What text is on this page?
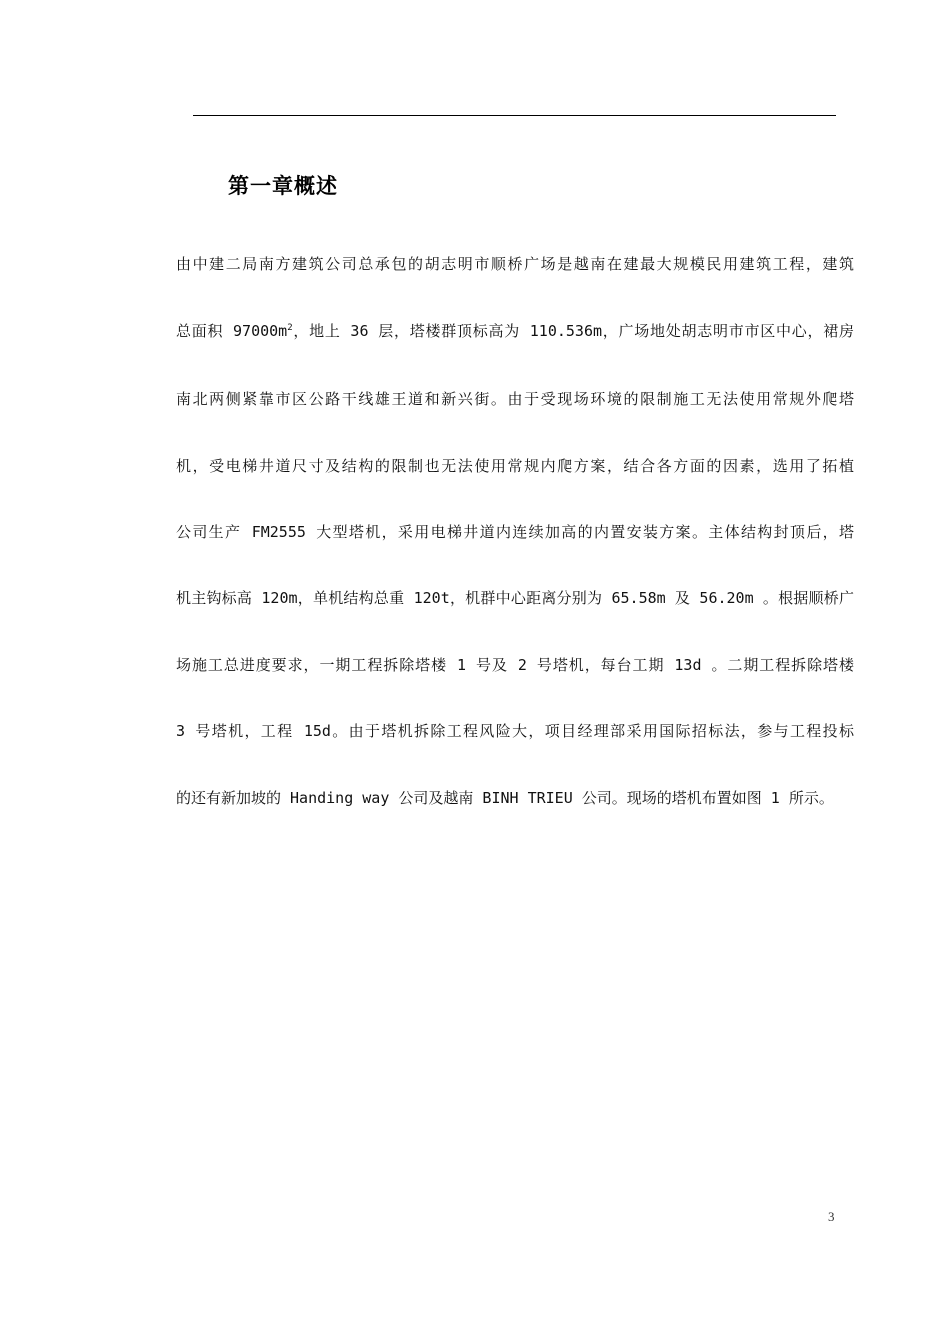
第一章概述
由中建二局南方建筑公司总承包的胡志明市顺桥广场是越南在建最大规模民用建筑工程，建筑
总面积 $97000m^2$，地上 36 层，塔楼群顶标高为 110.536m，广场地处胡志明市市区中心，裙房
南北两侧紧靠市区公路干线雄王道和新兴街。由于受现场环境的限制施工无法使用常规外爬塔
机，受电梯井道尺寸及结构的限制也无法使用常规内爬方案，结合各方面的因素，选用了拓植
公司生产 FM2555 大型塔机，采用电梯井道内连续加高的内置安装方案。主体结构封顶后，塔
机主钩标高 120m，单机结构总重 120t，机群中心距离分别为 65.58m 及 56.20m 。根据顺桥广
场施工总进度要求，一期工程拆除塔楼 1 号及 2 号塔机，每台工期 13d 。二期工程拆除塔楼
3 号塔机，工程 15d。由于塔机拆除工程风险大，项目经理部采用国际招标法，参与工程投标
的还有新加坡的 Handing way 公司及越南 BINH TRIEU 公司。现场的塔机布置如图 1 所示。
3
